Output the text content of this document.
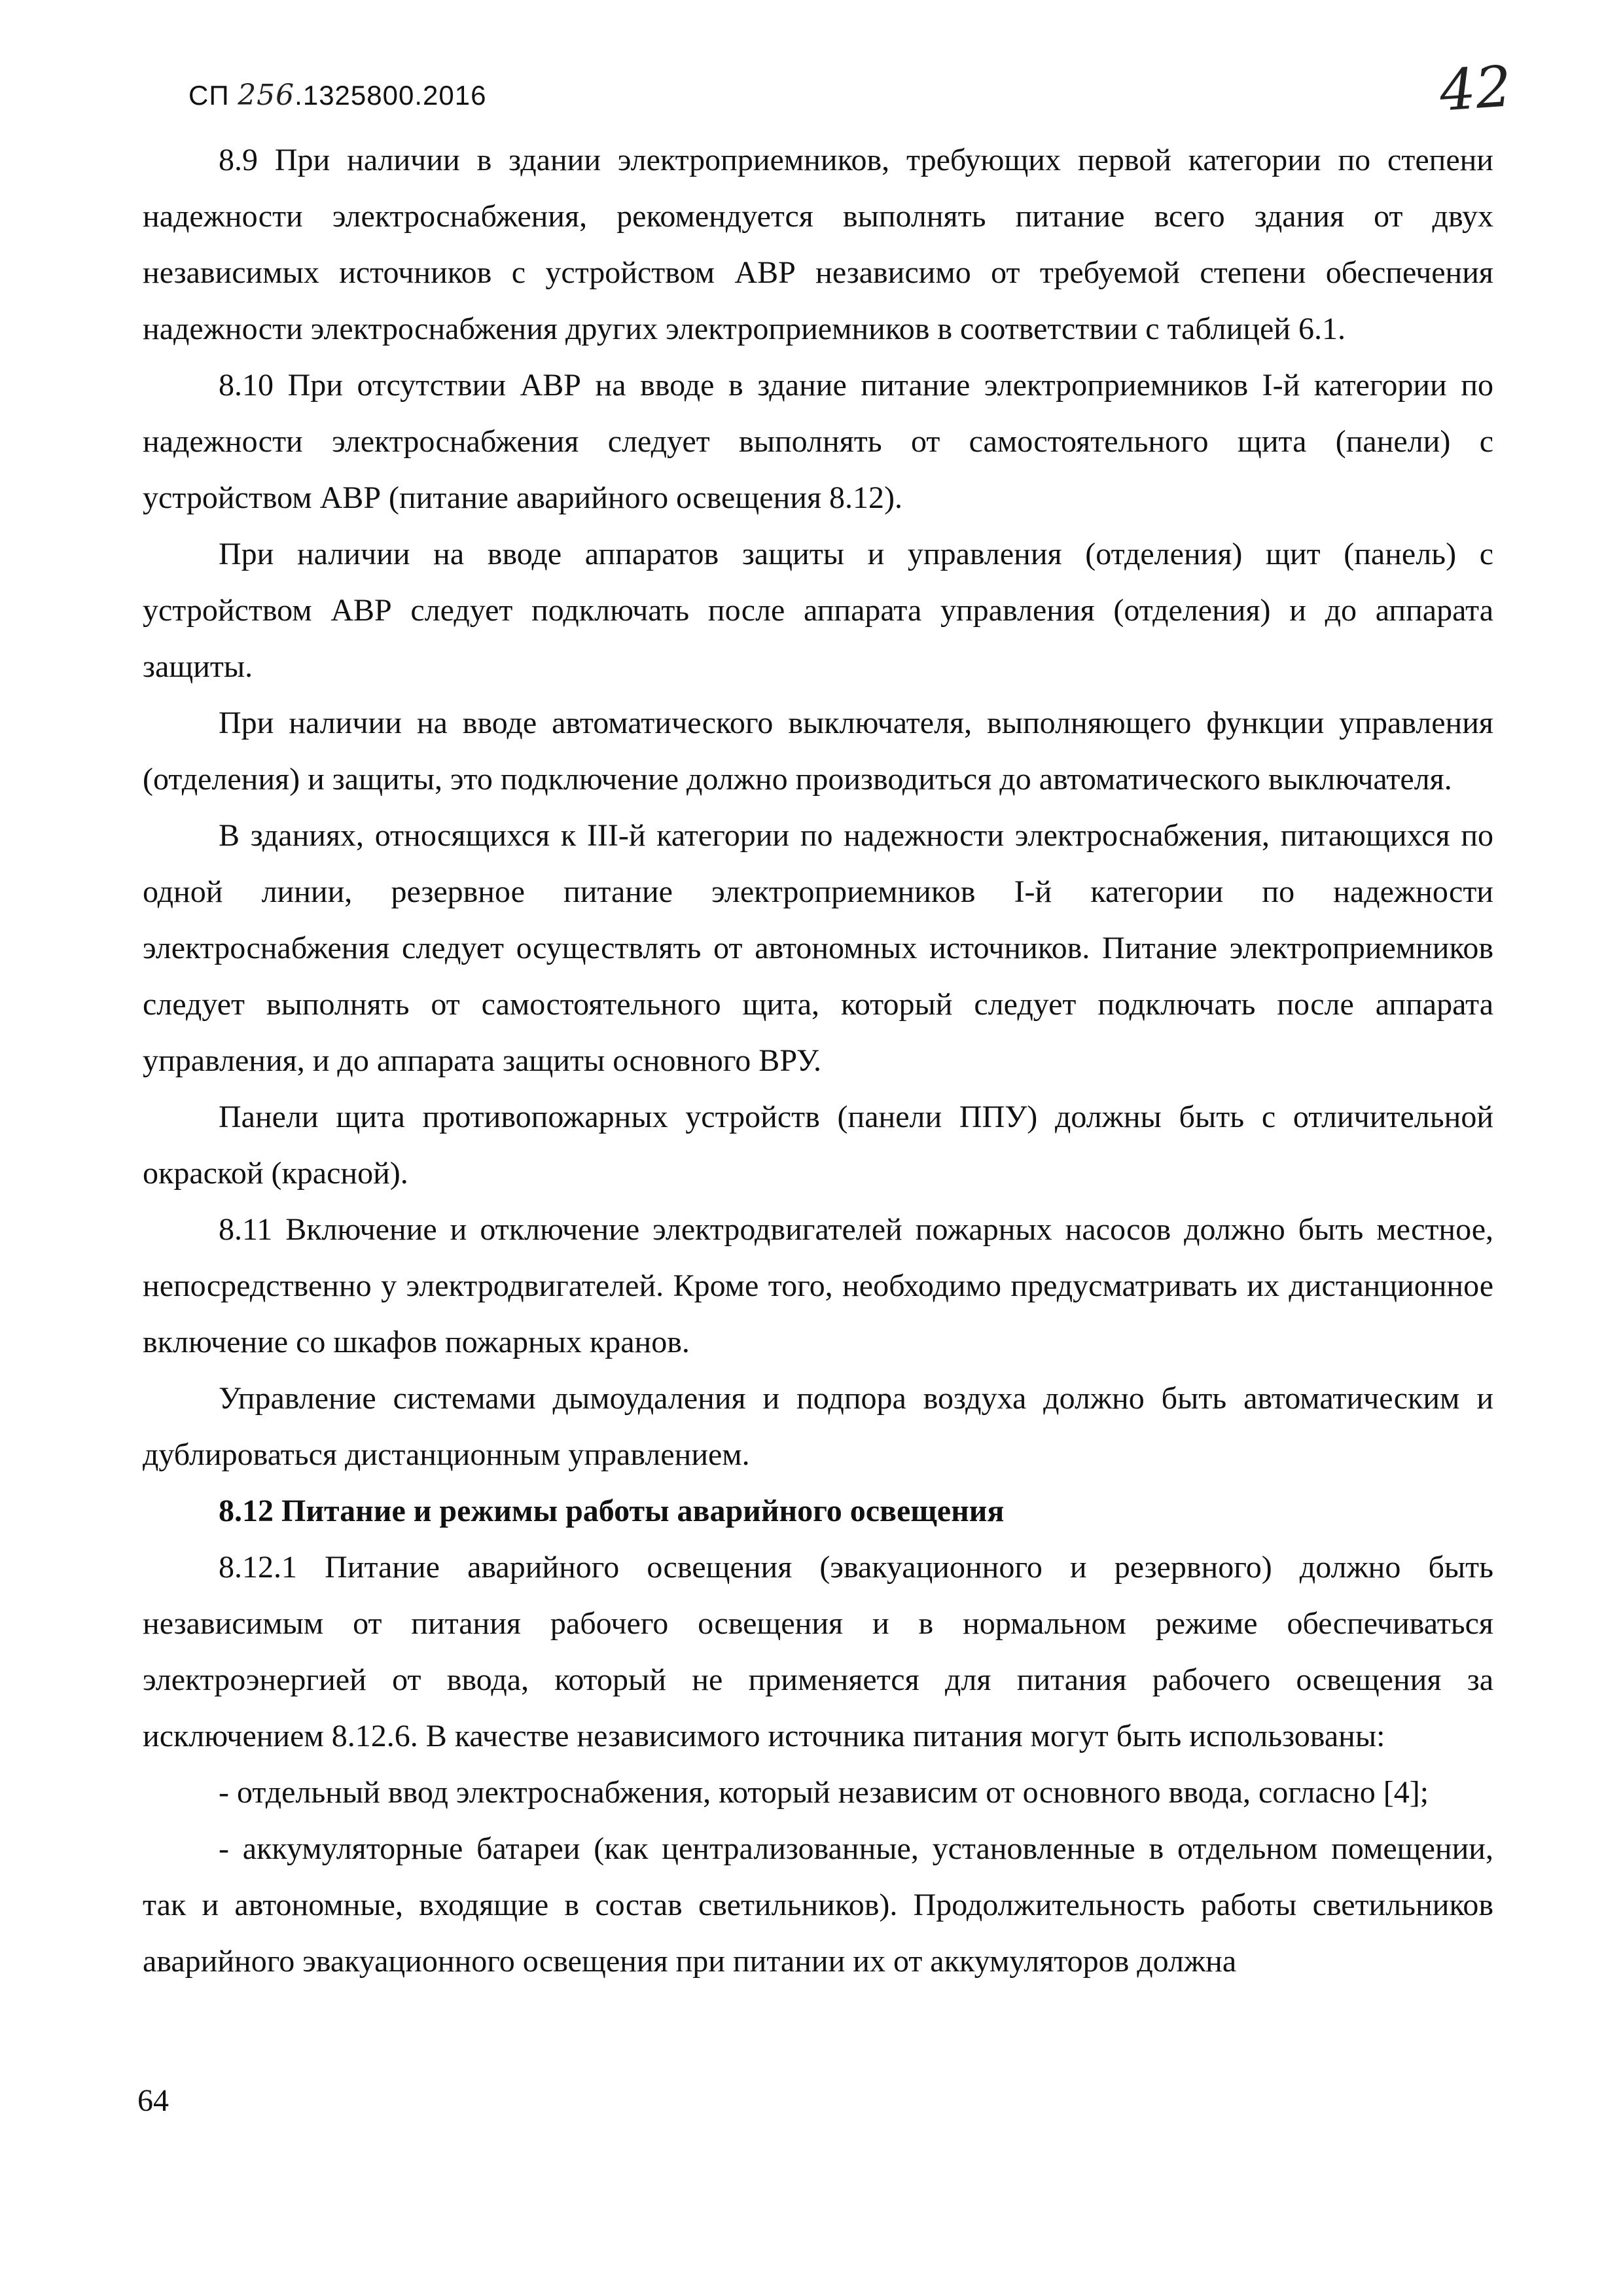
СП 256.1325800.2016	42

8.9 При наличии в здании электроприемников, требующих первой категории по степени надежности электроснабжения, рекомендуется выполнять питание всего здания от двух независимых источников с устройством АВР независимо от требуемой степени обеспечения надежности электроснабжения других электроприемников в соответствии с таблицей 6.1.

8.10 При отсутствии АВР на вводе в здание питание электроприемников I-й категории по надежности электроснабжения следует выполнять от самостоятельного щита (панели) с устройством АВР (питание аварийного освещения 8.12).

При наличии на вводе аппаратов защиты и управления (отделения) щит (панель) с устройством АВР следует подключать после аппарата управления (отделения) и до аппарата защиты.

При наличии на вводе автоматического выключателя, выполняющего функции управления (отделения) и защиты, это подключение должно производиться до автоматического выключателя.

В зданиях, относящихся к III-й категории по надежности электроснабжения, питающихся по одной линии, резервное питание электроприемников I-й категории по надежности электроснабжения следует осуществлять от автономных источников. Питание электроприемников следует выполнять от самостоятельного щита, который следует подключать после аппарата управления, и до аппарата защиты основного ВРУ.

Панели щита противопожарных устройств (панели ППУ) должны быть с отличительной окраской (красной).

8.11 Включение и отключение электродвигателей пожарных насосов должно быть местное, непосредственно у электродвигателей. Кроме того, необходимо предусматривать их дистанционное включение со шкафов пожарных кранов.

Управление системами дымоудаления и подпора воздуха должно быть автоматическим и дублироваться дистанционным управлением.

8.12 Питание и режимы работы аварийного освещения

8.12.1 Питание аварийного освещения (эвакуационного и резервного) должно быть независимым от питания рабочего освещения и в нормальном режиме обеспечиваться электроэнергией от ввода, который не применяется для питания рабочего освещения за исключением 8.12.6. В качестве независимого источника питания могут быть использованы:

- отдельный ввод электроснабжения, который независим от основного ввода, согласно [4];

- аккумуляторные батареи (как централизованные, установленные в отдельном помещении, так и автономные, входящие в состав светильников). Продолжительность работы светильников аварийного эвакуационного освещения при питании их от аккумуляторов должна

64
